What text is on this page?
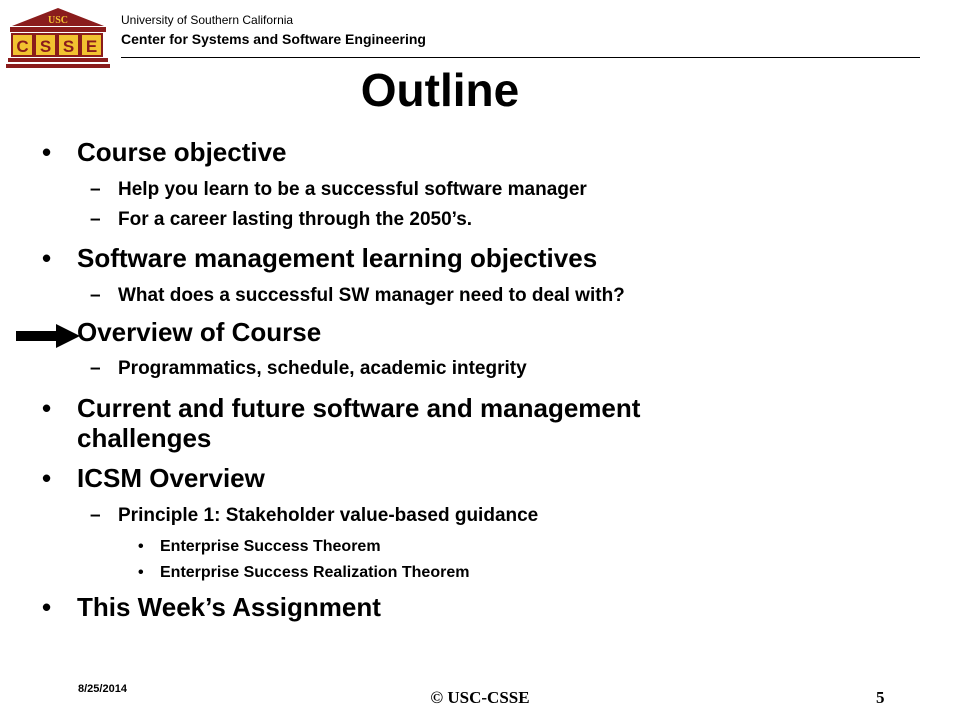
USC
C S S E
University of Southern California
Center for Systems and Software Engineering
Outline
• Course objective
– Help you learn to be a successful software manager
– For a career lasting through the 2050’s.
• Software management learning objectives
– What does a successful SW manager need to deal with?
Overview of Course
– Programmatics, schedule, academic integrity
• Current and future software and management
challenges
• ICSM Overview
– Principle 1: Stakeholder value-based guidance
• Enterprise Success Theorem
• Enterprise Success Realization Theorem
• This Week’s Assignment
8/25/2014	© USC-CSSE	5
